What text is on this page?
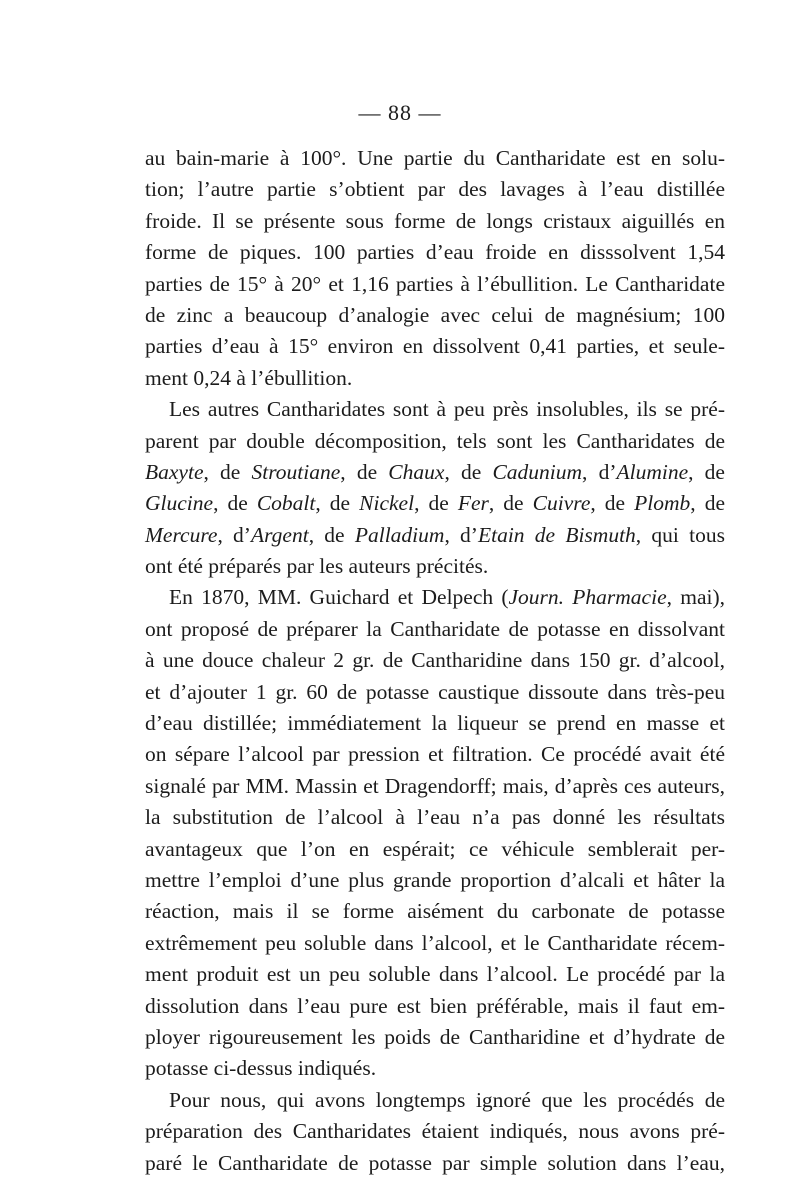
— 88 —
au bain-marie à 100°. Une partie du Cantharidate est en solu-
tion; l’autre partie s’obtient par des lavages à l’eau distillée
froide. Il se présente sous forme de longs cristaux aiguillés en
forme de piques. 100 parties d’eau froide en disssolvent 1,54
parties de 15° à 20° et 1,16 parties à l’ébullition. Le Cantharidate
de zinc a beaucoup d’analogie avec celui de magnésium; 100
parties d’eau à 15° environ en dissolvent 0,41 parties, et seule-
ment 0,24 à l’ébullition.
Les autres Cantharidates sont à peu près insolubles, ils se pré-
parent par double décomposition, tels sont les Cantharidates de
Baxyte, de Stroutiane, de Chaux, de Cadunium, d’Alumine, de
Glucine, de Cobalt, de Nickel, de Fer, de Cuivre, de Plomb, de
Mercure, d’Argent, de Palladium, d’Etain de Bismuth, qui tous
ont été préparés par les auteurs précités.
En 1870, MM. Guichard et Delpech (Journ. Pharmacie, mai),
ont proposé de préparer la Cantharidate de potasse en dissolvant
à une douce chaleur 2 gr. de Cantharidine dans 150 gr. d’alcool,
et d’ajouter 1 gr. 60 de potasse caustique dissoute dans très-peu
d’eau distillée; immédiatement la liqueur se prend en masse et
on sépare l’alcool par pression et filtration. Ce procédé avait été
signalé par MM. Massin et Dragendorff; mais, d’après ces auteurs,
la substitution de l’alcool à l’eau n’a pas donné les résultats
avantageux que l’on en espérait; ce véhicule semblerait per-
mettre l’emploi d’une plus grande proportion d’alcali et hâter la
réaction, mais il se forme aisément du carbonate de potasse
extrêmement peu soluble dans l’alcool, et le Cantharidate récem-
ment produit est un peu soluble dans l’alcool. Le procédé par la
dissolution dans l’eau pure est bien préférable, mais il faut em-
ployer rigoureusement les poids de Cantharidine et d’hydrate de
potasse ci-dessus indiqués.
Pour nous, qui avons longtemps ignoré que les procédés de
préparation des Cantharidates étaient indiqués, nous avons pré-
paré le Cantharidate de potasse par simple solution dans l’eau,
